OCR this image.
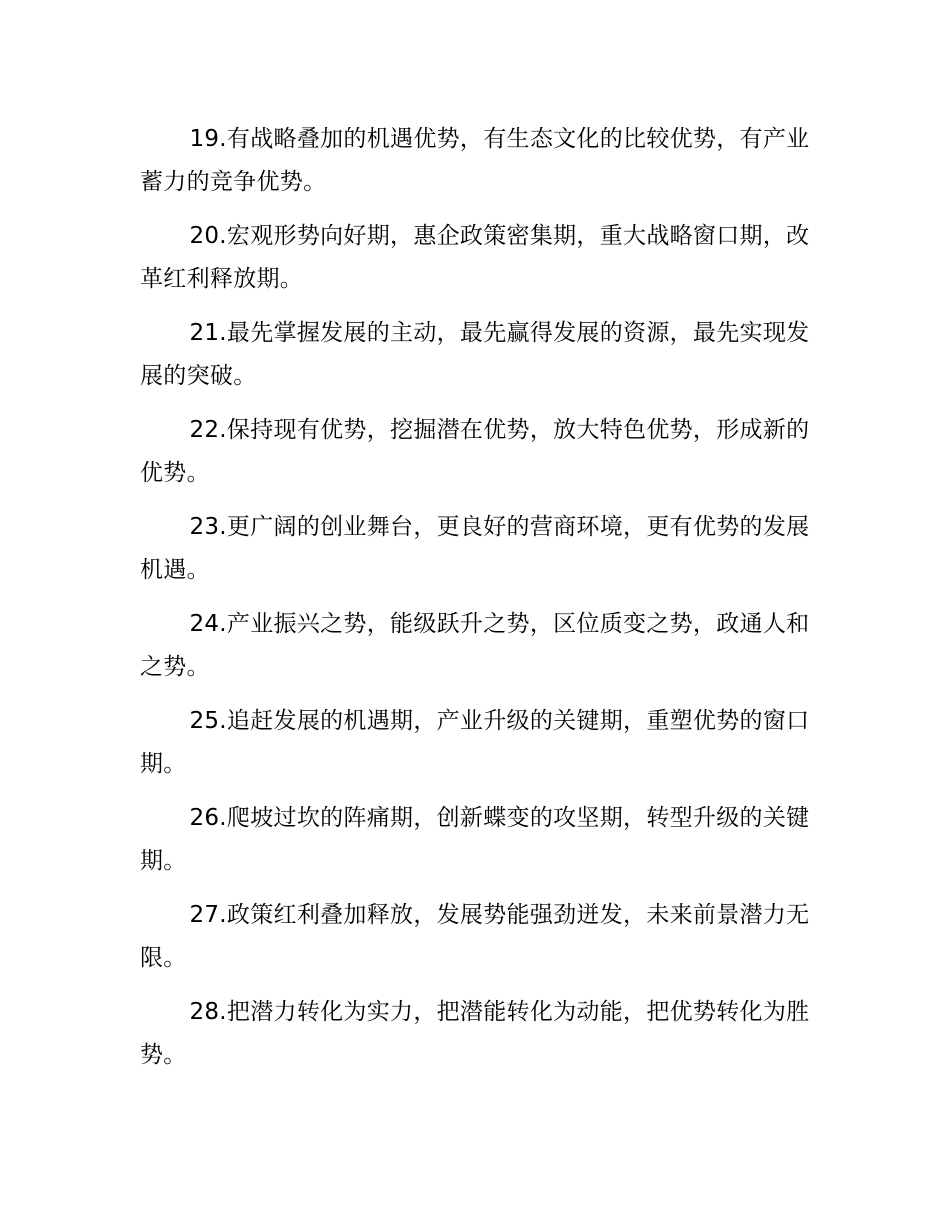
19.有战略叠加的机遇优势，有生态文化的比较优势，有产业蓄力的竞争优势。

20.宏观形势向好期，惠企政策密集期，重大战略窗口期，改革红利释放期。

21.最先掌握发展的主动，最先赢得发展的资源，最先实现发展的突破。

22.保持现有优势，挖掘潜在优势，放大特色优势，形成新的优势。

23.更广阔的创业舞台，更良好的营商环境，更有优势的发展机遇。

24.产业振兴之势，能级跃升之势，区位质变之势，政通人和之势。

25.追赶发展的机遇期，产业升级的关键期，重塑优势的窗口期。

26.爬坡过坎的阵痛期，创新蝶变的攻坚期，转型升级的关键期。

27.政策红利叠加释放，发展势能强劲迸发，未来前景潜力无限。

28.把潜力转化为实力，把潜能转化为动能，把优势转化为胜势。
